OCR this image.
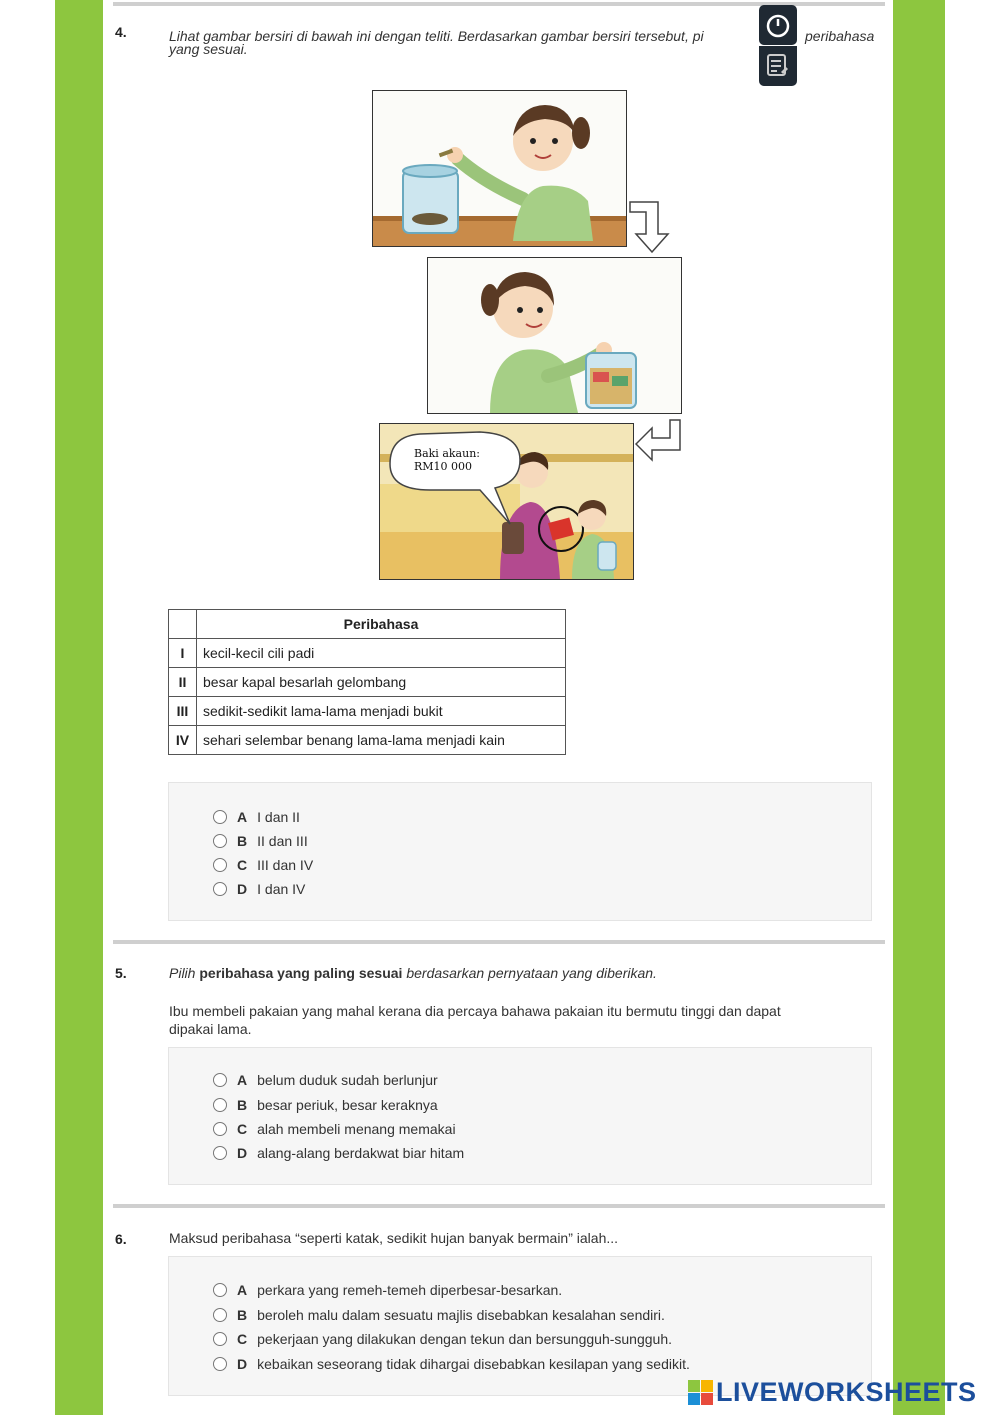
4.	Lihat gambar bersiri di bawah ini dengan teliti. Berdasarkan gambar bersiri tersebut, pi	peribahasa
yang sesuai.
Baki akaun:
RM10 000
	Peribahasa
I	kecil-kecil cili padi
II	besar kapal besarlah gelombang
III	sedikit-sedikit lama-lama menjadi bukit
IV	sehari selembar benang lama-lama menjadi kain
A I dan II
B II dan III
C III dan IV
D I dan IV
5.	Pilih peribahasa yang paling sesuai berdasarkan pernyataan yang diberikan.
Ibu membeli pakaian yang mahal kerana dia percaya bahawa pakaian itu bermutu tinggi dan dapat
dipakai lama.
A belum duduk sudah berlunjur
B besar periuk, besar keraknya
C alah membeli menang memakai
D alang-alang berdakwat biar hitam
6.	Maksud peribahasa “seperti katak, sedikit hujan banyak bermain” ialah...
A perkara yang remeh-temeh diperbesar-besarkan.
B beroleh malu dalam sesuatu majlis disebabkan kesalahan sendiri.
C pekerjaan yang dilakukan dengan tekun dan bersungguh-sungguh.
D kebaikan seseorang tidak dihargai disebabkan kesilapan yang sedikit.
LIVEWORKSHEETS
